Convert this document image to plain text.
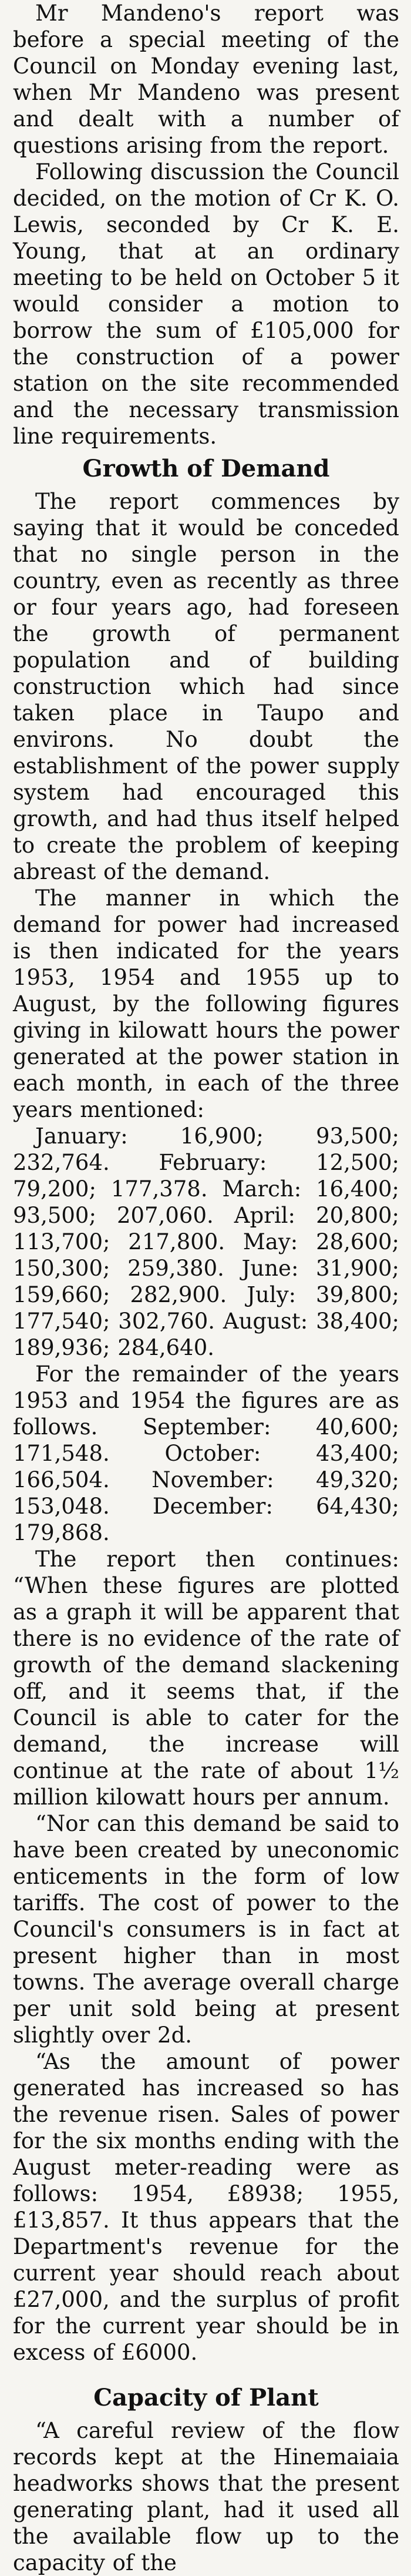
Mr Mandeno's report was before a special meeting of the Council on Monday evening last, when Mr Mandeno was present and dealt with a number of questions arising from the report.

Following discussion the Council decided, on the motion of Cr K. O. Lewis, seconded by Cr K. E. Young, that at an ordinary meeting to be held on October 5 it would consider a motion to borrow the sum of £105,000 for the construction of a power station on the site recommended and the necessary transmission line requirements.

Growth of Demand

The report commences by saying that it would be conceded that no single person in the country, even as recently as three or four years ago, had foreseen the growth of permanent population and of building construction which had since taken place in Taupo and environs. No doubt the establishment of the power supply system had encouraged this growth, and had thus itself helped to create the problem of keeping abreast of the demand.

The manner in which the demand for power had increased is then indicated for the years 1953, 1954 and 1955 up to August, by the following figures giving in kilowatt hours the power generated at the power station in each month, in each of the three years mentioned:

January: 16,900; 93,500; 232,764. February: 12,500; 79,200; 177,378. March: 16,400; 93,500; 207,060. April: 20,800; 113,700; 217,800. May: 28,600; 150,300; 259,380. June: 31,900; 159,660; 282,900. July: 39,800; 177,540; 302,760. August: 38,400; 189,936; 284,640.

For the remainder of the years 1953 and 1954 the figures are as follows. September: 40,600; 171,548. October: 43,400; 166,504. November: 49,320; 153,048. December: 64,430; 179,868.

The report then continues: “When these figures are plotted as a graph it will be apparent that there is no evidence of the rate of growth of the demand slackening off, and it seems that, if the Council is able to cater for the demand, the increase will continue at the rate of about 1½ million kilowatt hours per annum.

“Nor can this demand be said to have been created by uneconomic enticements in the form of low tariffs. The cost of power to the Council's consumers is in fact at present higher than in most towns. The average overall charge per unit sold being at present slightly over 2d.

“As the amount of power generated has increased so has the revenue risen. Sales of power for the six months ending with the August meter-reading were as follows: 1954, £8938; 1955, £13,857. It thus appears that the Department's revenue for the current year should reach about £27,000, and the surplus of profit for the current year should be in excess of £6000.

Capacity of Plant

“A careful review of the flow records kept at the Hinemaiaia headworks shows that the present generating plant, had it used all the available flow up to the capacity of the
